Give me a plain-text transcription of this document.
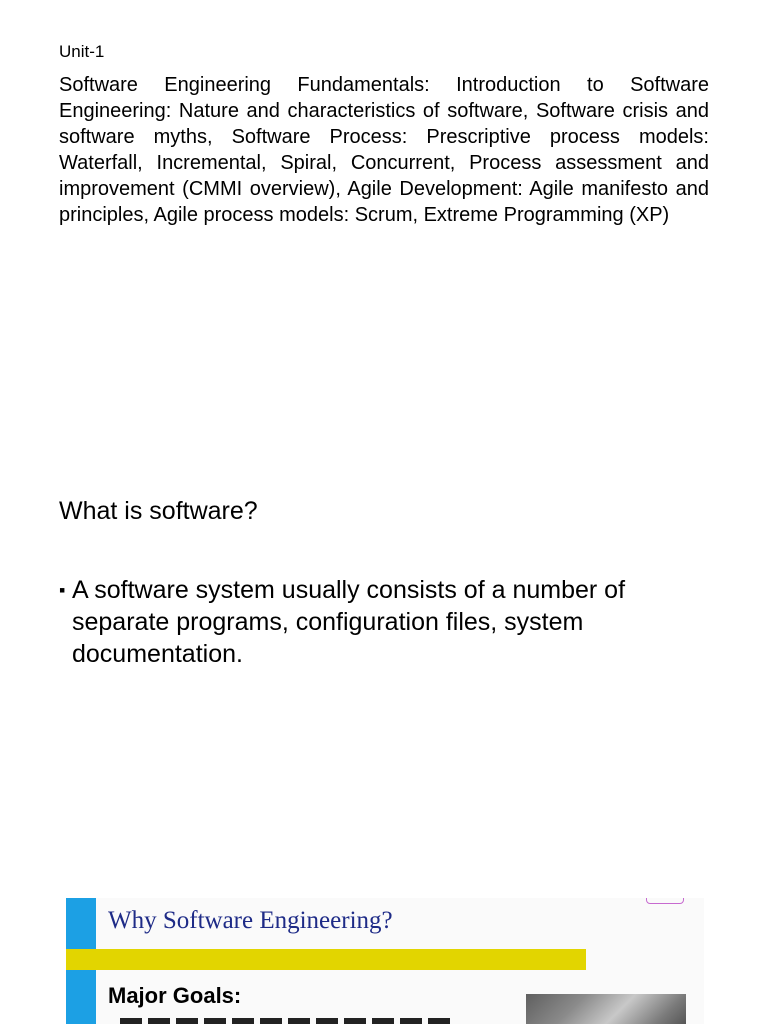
Unit-1

Software Engineering Fundamentals: Introduction to Software Engineering: Nature and characteristics of software, Software crisis and software myths, Software Process: Prescriptive process models: Waterfall, Incremental, Spiral, Concurrent, Process assessment and improvement (CMMI overview), Agile Development: Agile manifesto and principles, Agile process models: Scrum, Extreme Programming (XP)

What is software?
▪ A software system usually consists of a number of separate programs, configuration files, system documentation.
Why Software Engineering?
Major Goals:
